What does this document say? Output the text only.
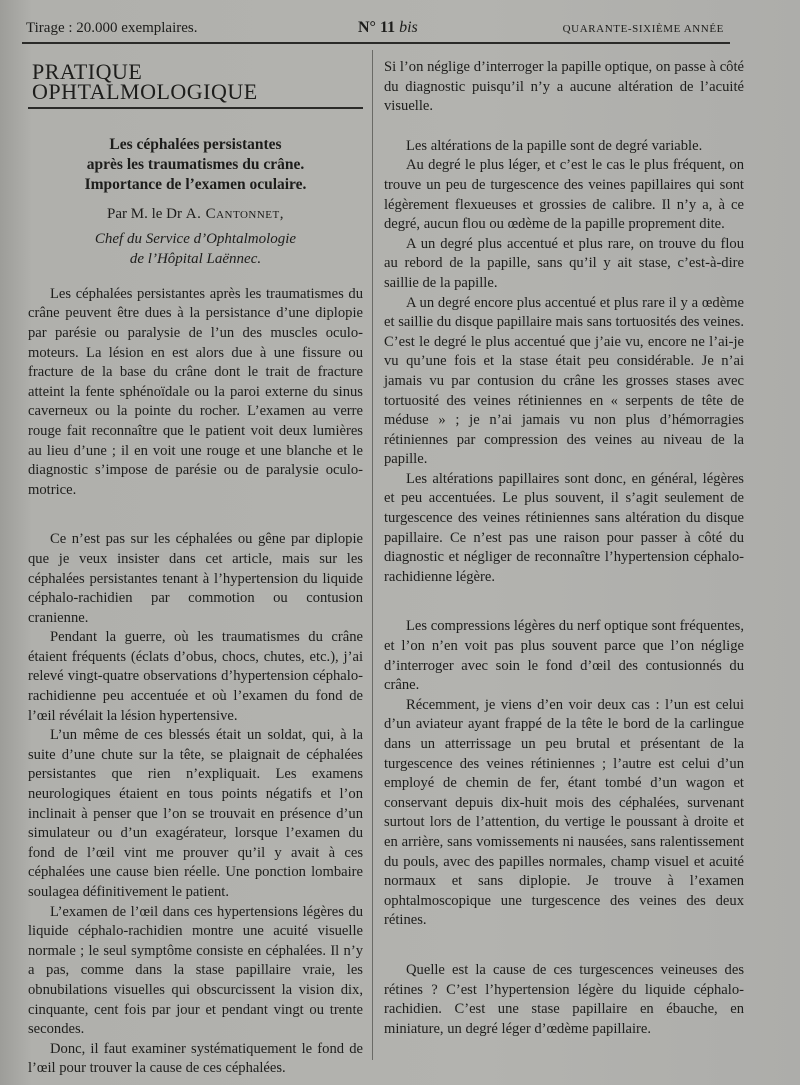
Tirage : 20.000 exemplaires.	N° 11 bis	QUARANTE-SIXIÈME ANNÉE
PRATIQUE OPHTALMOLOGIQUE
Les céphalées persistantes
après les traumatismes du crâne.
Importance de l’examen oculaire.
Par M. le Dr A. Cantonnet,
Chef du Service d’Ophtalmologie
de l’Hôpital Laënnec.

Les céphalées persistantes après les traumatismes du crâne peuvent être dues à la persistance d’une diplopie par parésie ou paralysie de l’un des muscles oculo-moteurs. La lésion en est alors due à une fissure ou fracture de la base du crâne dont le trait de fracture atteint la fente sphénoïdale ou la paroi externe du sinus caverneux ou la pointe du rocher. L’examen au verre rouge fait reconnaître que le patient voit deux lumières au lieu d’une ; il en voit une rouge et une blanche et le diagnostic s’impose de parésie ou de paralysie oculo-motrice.

Ce n’est pas sur les céphalées ou gêne par diplopie que je veux insister dans cet article, mais sur les céphalées persistantes tenant à l’hypertension du liquide céphalo-rachidien par commotion ou contusion cranienne.

Pendant la guerre, où les traumatismes du crâne étaient fréquents (éclats d’obus, chocs, chutes, etc.), j’ai relevé vingt-quatre observations d’hypertension céphalo-rachidienne peu accentuée et où l’examen du fond de l’œil révélait la lésion hypertensive.

L’un même de ces blessés était un soldat, qui, à la suite d’une chute sur la tête, se plaignait de céphalées persistantes que rien n’expliquait. Les examens neurologiques étaient en tous points négatifs et l’on inclinait à penser que l’on se trouvait en présence d’un simulateur ou d’un exagérateur, lorsque l’examen du fond de l’œil vint me prouver qu’il y avait à ces céphalées une cause bien réelle. Une ponction lombaire soulagea définitivement le patient.

L’examen de l’œil dans ces hypertensions légères du liquide céphalo-rachidien montre une acuité visuelle normale ; le seul symptôme consiste en céphalées. Il n’y a pas, comme dans la stase papillaire vraie, les obnubilations visuelles qui obscurcissent la vision dix, cinquante, cent fois par jour et pendant vingt ou trente secondes.

Donc, il faut examiner systématiquement le fond de l’œil pour trouver la cause de ces céphalées.

Si l’on néglige d’interroger la papille optique, on passe à côté du diagnostic puisqu’il n’y a aucune altération de l’acuité visuelle.

Les altérations de la papille sont de degré variable.

Au degré le plus léger, et c’est le cas le plus fréquent, on trouve un peu de turgescence des veines papillaires qui sont légèrement flexueuses et grossies de calibre. Il n’y a, à ce degré, aucun flou ou œdème de la papille proprement dite.

A un degré plus accentué et plus rare, on trouve du flou au rebord de la papille, sans qu’il y ait stase, c’est-à-dire saillie de la papille.

A un degré encore plus accentué et plus rare il y a œdème et saillie du disque papillaire mais sans tortuosités des veines. C’est le degré le plus accentué que j’aie vu, encore ne l’ai-je vu qu’une fois et la stase était peu considérable. Je n’ai jamais vu par contusion du crâne les grosses stases avec tortuosité des veines rétiniennes en « serpents de tête de méduse » ; je n’ai jamais vu non plus d’hémorragies rétiniennes par compression des veines au niveau de la papille.

Les altérations papillaires sont donc, en général, légères et peu accentuées. Le plus souvent, il s’agit seulement de turgescence des veines rétiniennes sans altération du disque papillaire. Ce n’est pas une raison pour passer à côté du diagnostic et négliger de reconnaître l’hypertension céphalo-rachidienne légère.

Les compressions légères du nerf optique sont fréquentes, et l’on n’en voit pas plus souvent parce que l’on néglige d’interroger avec soin le fond d’œil des contusionnés du crâne.

Récemment, je viens d’en voir deux cas : l’un est celui d’un aviateur ayant frappé de la tête le bord de la carlingue dans un atterrissage un peu brutal et présentant de la turgescence des veines rétiniennes ; l’autre est celui d’un employé de chemin de fer, étant tombé d’un wagon et conservant depuis dix-huit mois des céphalées, survenant surtout lors de l’attention, du vertige le poussant à droite et en arrière, sans vomissements ni nausées, sans ralentissement du pouls, avec des papilles normales, champ visuel et acuité normaux et sans diplopie. Je trouve à l’examen ophtalmoscopique une turgescence des veines des deux rétines.

Quelle est la cause de ces turgescences veineuses des rétines ? C’est l’hypertension légère du liquide céphalo-rachidien. C’est une stase papillaire en ébauche, en miniature, un degré léger d’œdème papillaire.
